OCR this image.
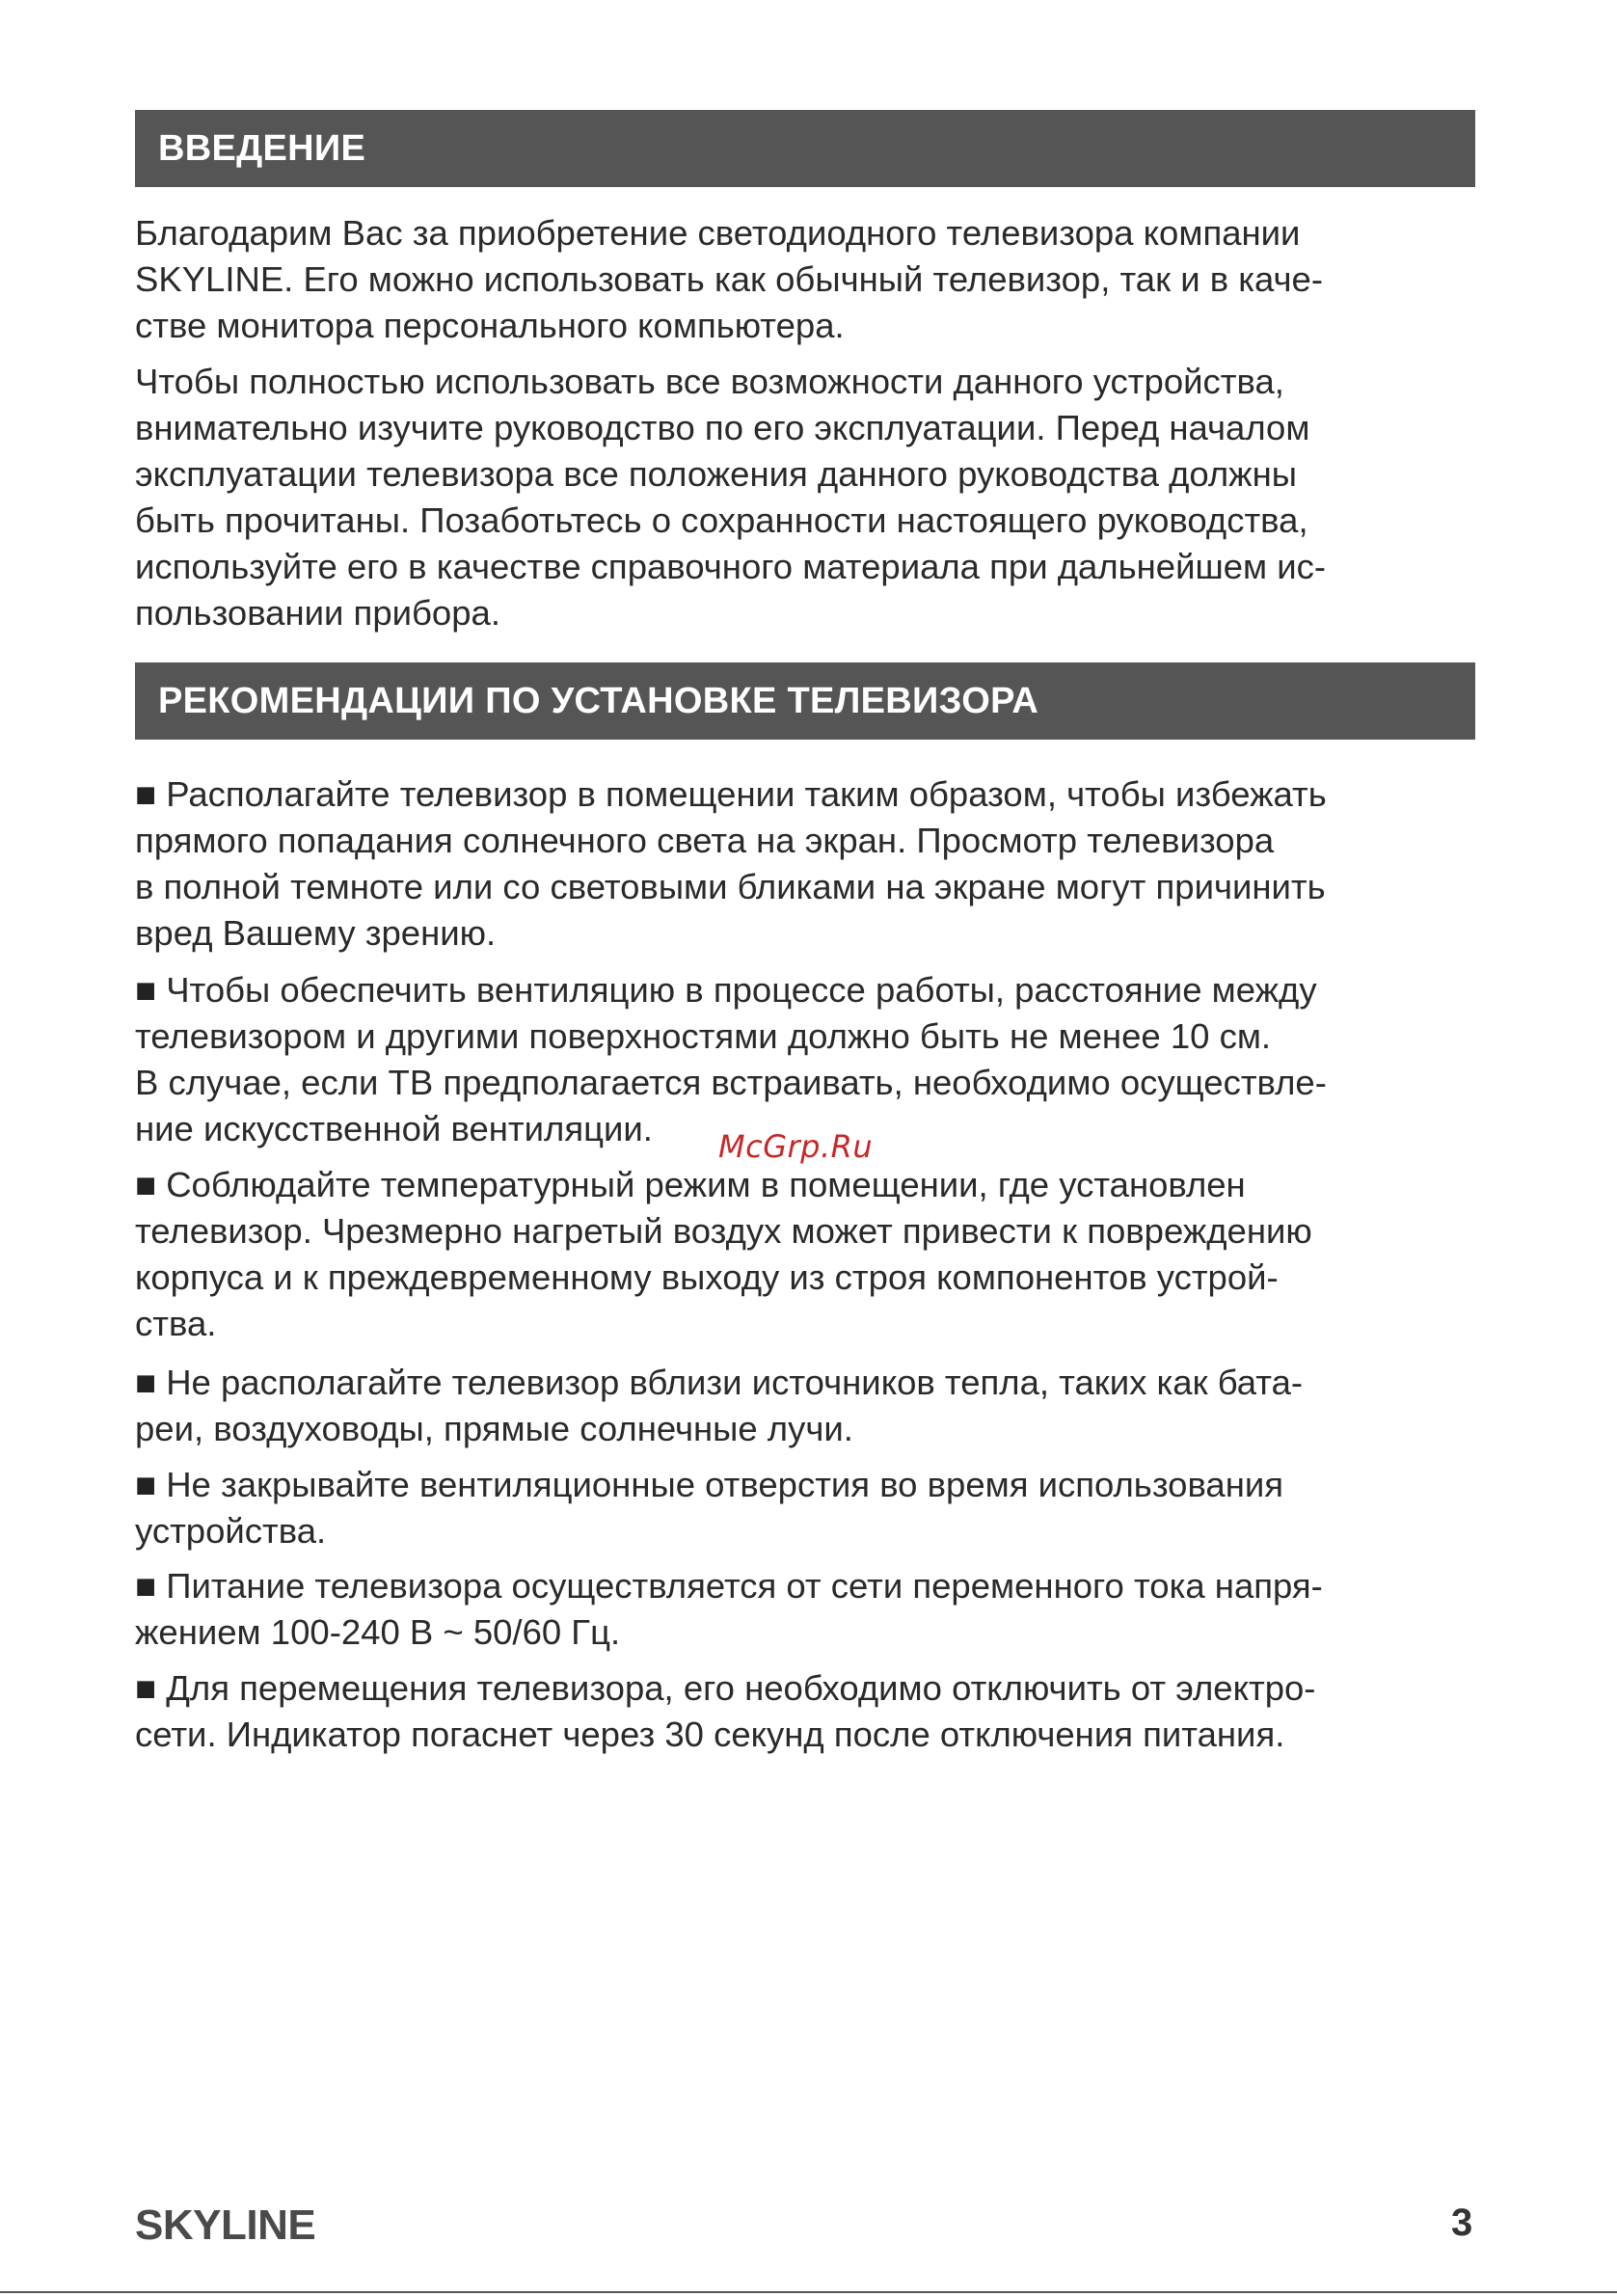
ВВЕДЕНИЕ
Благодарим Вас за приобретение светодиодного телевизора компании
SKYLINE. Его можно использовать как обычный телевизор, так и в каче-
стве монитора персонального компьютера.
Чтобы полностью использовать все возможности данного устройства,
внимательно изучите руководство по его эксплуатации. Перед началом
эксплуатации телевизора все положения данного руководства должны
быть прочитаны. Позаботьтесь о сохранности настоящего руководства,
используйте его в качестве справочного материала при дальнейшем ис-
пользовании прибора.
РЕКОМЕНДАЦИИ ПО УСТАНОВКЕ ТЕЛЕВИЗОРА
■ Располагайте телевизор в помещении таким образом, чтобы избежать
прямого попадания солнечного света на экран. Просмотр телевизора
в полной темноте или со световыми бликами на экране могут причинить
вред Вашему зрению.
■ Чтобы обеспечить вентиляцию в процессе работы, расстояние между
телевизором и другими поверхностями должно быть не менее 10 см.
В случае, если ТВ предполагается встраивать, необходимо осуществле-
ние искусственной вентиляции.	McGrp.Ru
■ Соблюдайте температурный режим в помещении, где установлен
телевизор. Чрезмерно нагретый воздух может привести к повреждению
корпуса и к преждевременному выходу из строя компонентов устрой-
ства.
■ Не располагайте телевизор вблизи источников тепла, таких как бата-
реи, воздуховоды, прямые солнечные лучи.
■ Не закрывайте вентиляционные отверстия во время использования
устройства.
■ Питание телевизора осуществляется от сети переменного тока напря-
жением 100-240 В ~ 50/60 Гц.
■ Для перемещения телевизора, его необходимо отключить от электро-
сети. Индикатор погаснет через 30 секунд после отключения питания.
SKYLINE	3
